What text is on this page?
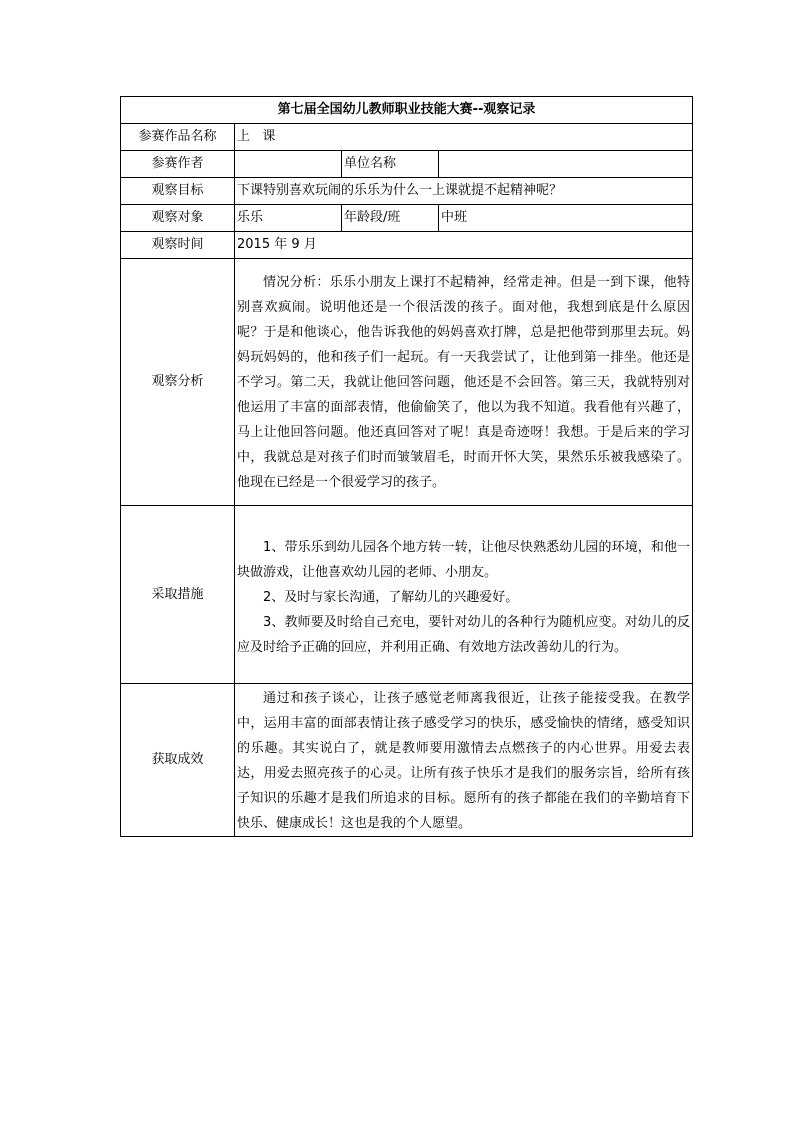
第七届全国幼儿教师职业技能大赛--观察记录			
参赛作品名称	上   课		
参赛作者		单位名称	
观察目标	下课特别喜欢玩闹的乐乐为什么一上课就提不起精神呢？		
观察对象	乐乐	年龄段/班	中班
观察时间	2015 年 9 月		
观察分析	情况分析：乐乐小朋友上课打不起精神，经常走神。但是一到下课，他特别喜欢疯闹。说明他还是一个很活泼的孩子。面对他，我想到底是什么原因呢？于是和他谈心，他告诉我他的妈妈喜欢打牌，总是把他带到那里去玩。妈妈玩妈妈的，他和孩子们一起玩。有一天我尝试了，让他到第一排坐。他还是不学习。第二天，我就让他回答问题，他还是不会回答。第三天，我就特别对他运用了丰富的面部表情，他偷偷笑了，他以为我不知道。我看他有兴趣了，马上让他回答问题。他还真回答对了呢！真是奇迹呀！我想。于是后来的学习中，我就总是对孩子们时而皱皱眉毛，时而开怀大笑，果然乐乐被我感染了。他现在已经是一个很爱学习的孩子。		

采取措施	1、带乐乐到幼儿园各个地方转一转，让他尽快熟悉幼儿园的环境，和他一块做游戏，让他喜欢幼儿园的老师、小朋友。

2、及时与家长沟通，了解幼儿的兴趣爱好。

3、教师要及时给自己充电，要针对幼儿的各种行为随机应变。对幼儿的反应及时给予正确的回应，并利用正确、有效地方法改善幼儿的行为。		

获取成效	通过和孩子谈心，让孩子感觉老师离我很近，让孩子能接受我。在教学中，运用丰富的面部表情让孩子感受学习的快乐，感受愉快的情绪，感受知识的乐趣。其实说白了，就是教师要用激情去点燃孩子的内心世界。用爱去表达，用爱去照亮孩子的心灵。让所有孩子快乐才是我们的服务宗旨，给所有孩子知识的乐趣才是我们所追求的目标。愿所有的孩子都能在我们的辛勤培育下快乐、健康成长！这也是我的个人愿望。		
